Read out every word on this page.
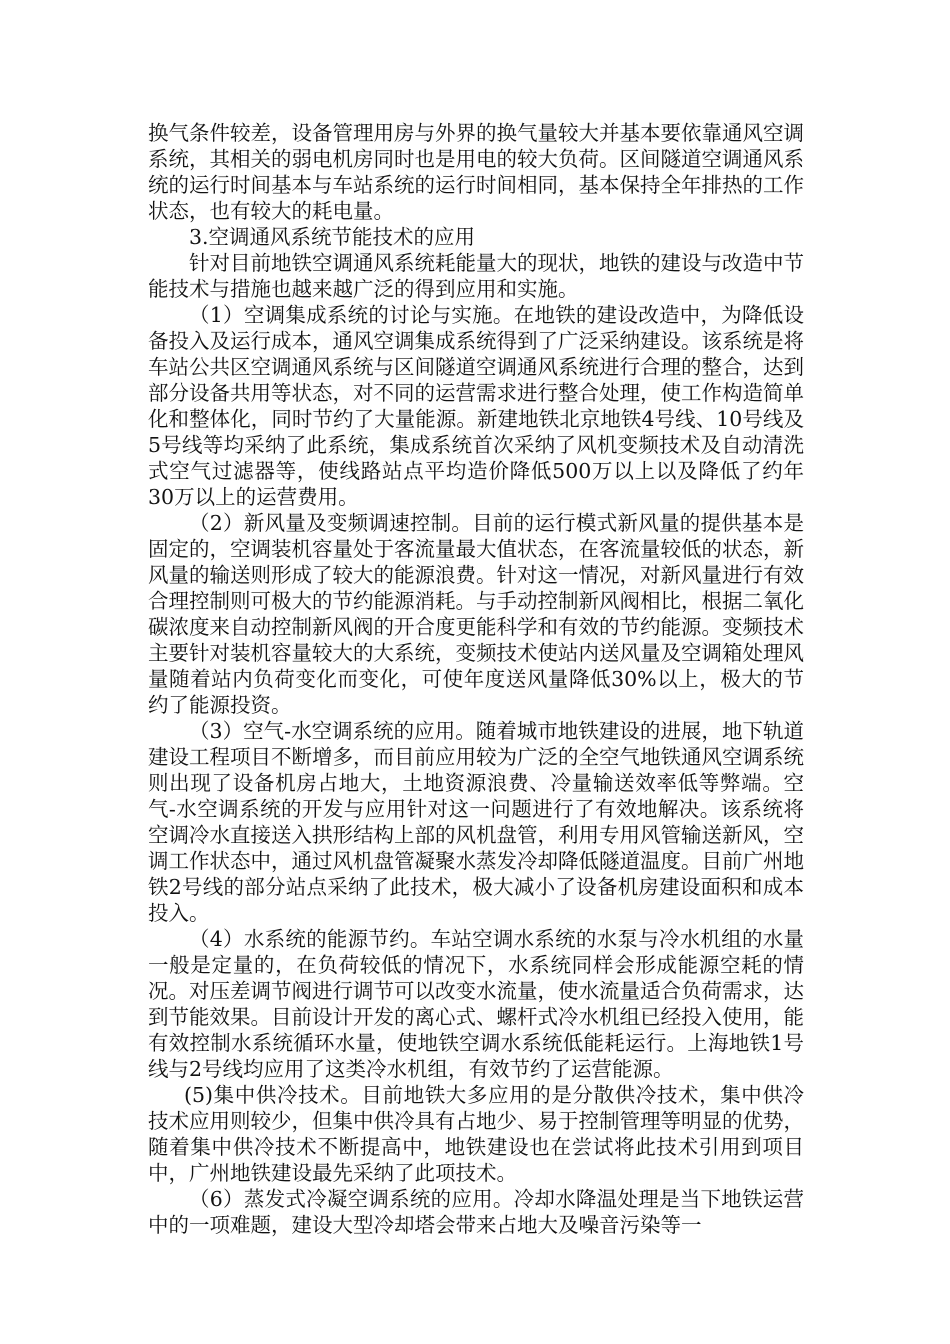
换气条件较差，设备管理用房与外界的换气量较大并基本要依靠通风空调系统，其相关的弱电机房同时也是用电的较大负荷。区间隧道空调通风系统的运行时间基本与车站系统的运行时间相同，基本保持全年排热的工作状态，也有较大的耗电量。

3.空调通风系统节能技术的应用

针对目前地铁空调通风系统耗能量大的现状，地铁的建设与改造中节能技术与措施也越来越广泛的得到应用和实施。

（1）空调集成系统的讨论与实施。在地铁的建设改造中，为降低设备投入及运行成本，通风空调集成系统得到了广泛采纳建设。该系统是将车站公共区空调通风系统与区间隧道空调通风系统进行合理的整合，达到部分设备共用等状态，对不同的运营需求进行整合处理，使工作构造简单化和整体化，同时节约了大量能源。新建地铁北京地铁4号线、10号线及5号线等均采纳了此系统，集成系统首次采纳了风机变频技术及自动清洗式空气过滤器等，使线路站点平均造价降低500万以上以及降低了约年30万以上的运营费用。

（2）新风量及变频调速控制。目前的运行模式新风量的提供基本是固定的，空调装机容量处于客流量最大值状态，在客流量较低的状态，新风量的输送则形成了较大的能源浪费。针对这一情况，对新风量进行有效合理控制则可极大的节约能源消耗。与手动控制新风阀相比，根据二氧化碳浓度来自动控制新风阀的开合度更能科学和有效的节约能源。变频技术主要针对装机容量较大的大系统，变频技术使站内送风量及空调箱处理风量随着站内负荷变化而变化，可使年度送风量降低30%以上，极大的节约了能源投资。

（3）空气-水空调系统的应用。随着城市地铁建设的进展，地下轨道建设工程项目不断增多，而目前应用较为广泛的全空气地铁通风空调系统则出现了设备机房占地大，土地资源浪费、冷量输送效率低等弊端。空气-水空调系统的开发与应用针对这一问题进行了有效地解决。该系统将空调冷水直接送入拱形结构上部的风机盘管，利用专用风管输送新风，空调工作状态中，通过风机盘管凝聚水蒸发冷却降低隧道温度。目前广州地铁2号线的部分站点采纳了此技术，极大减小了设备机房建设面积和成本投入。

（4）水系统的能源节约。车站空调水系统的水泵与冷水机组的水量一般是定量的，在负荷较低的情况下，水系统同样会形成能源空耗的情况。对压差调节阀进行调节可以改变水流量，使水流量适合负荷需求，达到节能效果。目前设计开发的离心式、螺杆式冷水机组已经投入使用，能有效控制水系统循环水量，使地铁空调水系统低能耗运行。上海地铁1号线与2号线均应用了这类冷水机组，有效节约了运营能源。

(5)集中供冷技术。目前地铁大多应用的是分散供冷技术，集中供冷技术应用则较少，但集中供冷具有占地少、易于控制管理等明显的优势，随着集中供冷技术不断提高中，地铁建设也在尝试将此技术引用到项目中，广州地铁建设最先采纳了此项技术。

（6）蒸发式冷凝空调系统的应用。冷却水降温处理是当下地铁运营中的一项难题，建设大型冷却塔会带来占地大及噪音污染等一
